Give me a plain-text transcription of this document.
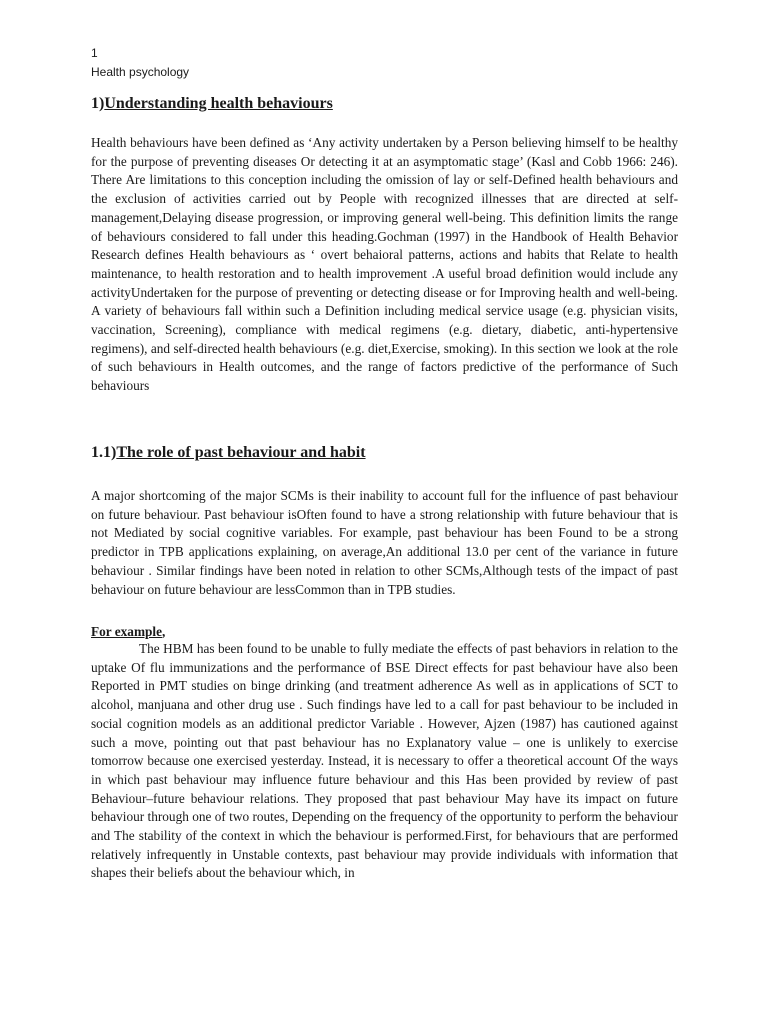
1
Health psychology
1)Understanding health behaviours

Health behaviours have been defined as ‘Any activity undertaken by a Person believing himself to be healthy for the purpose of preventing diseases Or detecting it at an asymptomatic stage’ (Kasl and Cobb 1966: 246). There Are limitations to this conception including the omission of lay or self-Defined health behaviours and the exclusion of activities carried out by People with recognized illnesses that are directed at self-management,Delaying disease progression, or improving general well-being. This definition limits the range of behaviours considered to fall under this heading.Gochman (1997) in the Handbook of Health Behavior Research defines Health behaviours as ‘ overt behaioral patterns, actions and habits that Relate to health maintenance, to health restoration and to health improvement .A useful broad definition would include any activityUndertaken for the purpose of preventing or detecting disease or for Improving health and well-being. A variety of behaviours fall within such a Definition including medical service usage (e.g. physician visits, vaccination, Screening), compliance with medical regimens (e.g. dietary, diabetic, anti-hypertensive regimens), and self-directed health behaviours (e.g. diet,Exercise, smoking). In this section we look at the role of such behaviours in Health outcomes, and the range of factors predictive of the performance of Such behaviours

1.1)The role of past behaviour and habit

A major shortcoming of the major SCMs is their inability to account full for the influence of past behaviour on future behaviour. Past behaviour isOften found to have a strong relationship with future behaviour that is not Mediated by social cognitive variables. For example, past behaviour has been Found to be a strong predictor in TPB applications explaining, on average,An additional 13.0 per cent of the variance in future behaviour . Similar findings have been noted in relation to other SCMs,Although tests of the impact of past behaviour on future behaviour are lessCommon than in TPB studies.

For example,

The HBM has been found to be unable to fully mediate the effects of past behaviors in relation to the uptake Of flu immunizations and the performance of BSE Direct effects for past behaviour have also been Reported in PMT studies on binge drinking (and treatment adherence As well as in applications of SCT to alcohol, manjuana and other drug use . Such findings have led to a call for past behaviour to be included in social cognition models as an additional predictor Variable . However, Ajzen (1987) has cautioned against such a move, pointing out that past behaviour has no Explanatory value – one is unlikely to exercise tomorrow because one exercised yesterday. Instead, it is necessary to offer a theoretical account Of the ways in which past behaviour may influence future behaviour and this Has been provided by review of past Behaviour–future behaviour relations. They proposed that past behaviour May have its impact on future behaviour through one of two routes, Depending on the frequency of the opportunity to perform the behaviour and The stability of the context in which the behaviour is performed.First, for behaviours that are performed relatively infrequently in Unstable contexts, past behaviour may provide individuals with information that shapes their beliefs about the behaviour which, in
